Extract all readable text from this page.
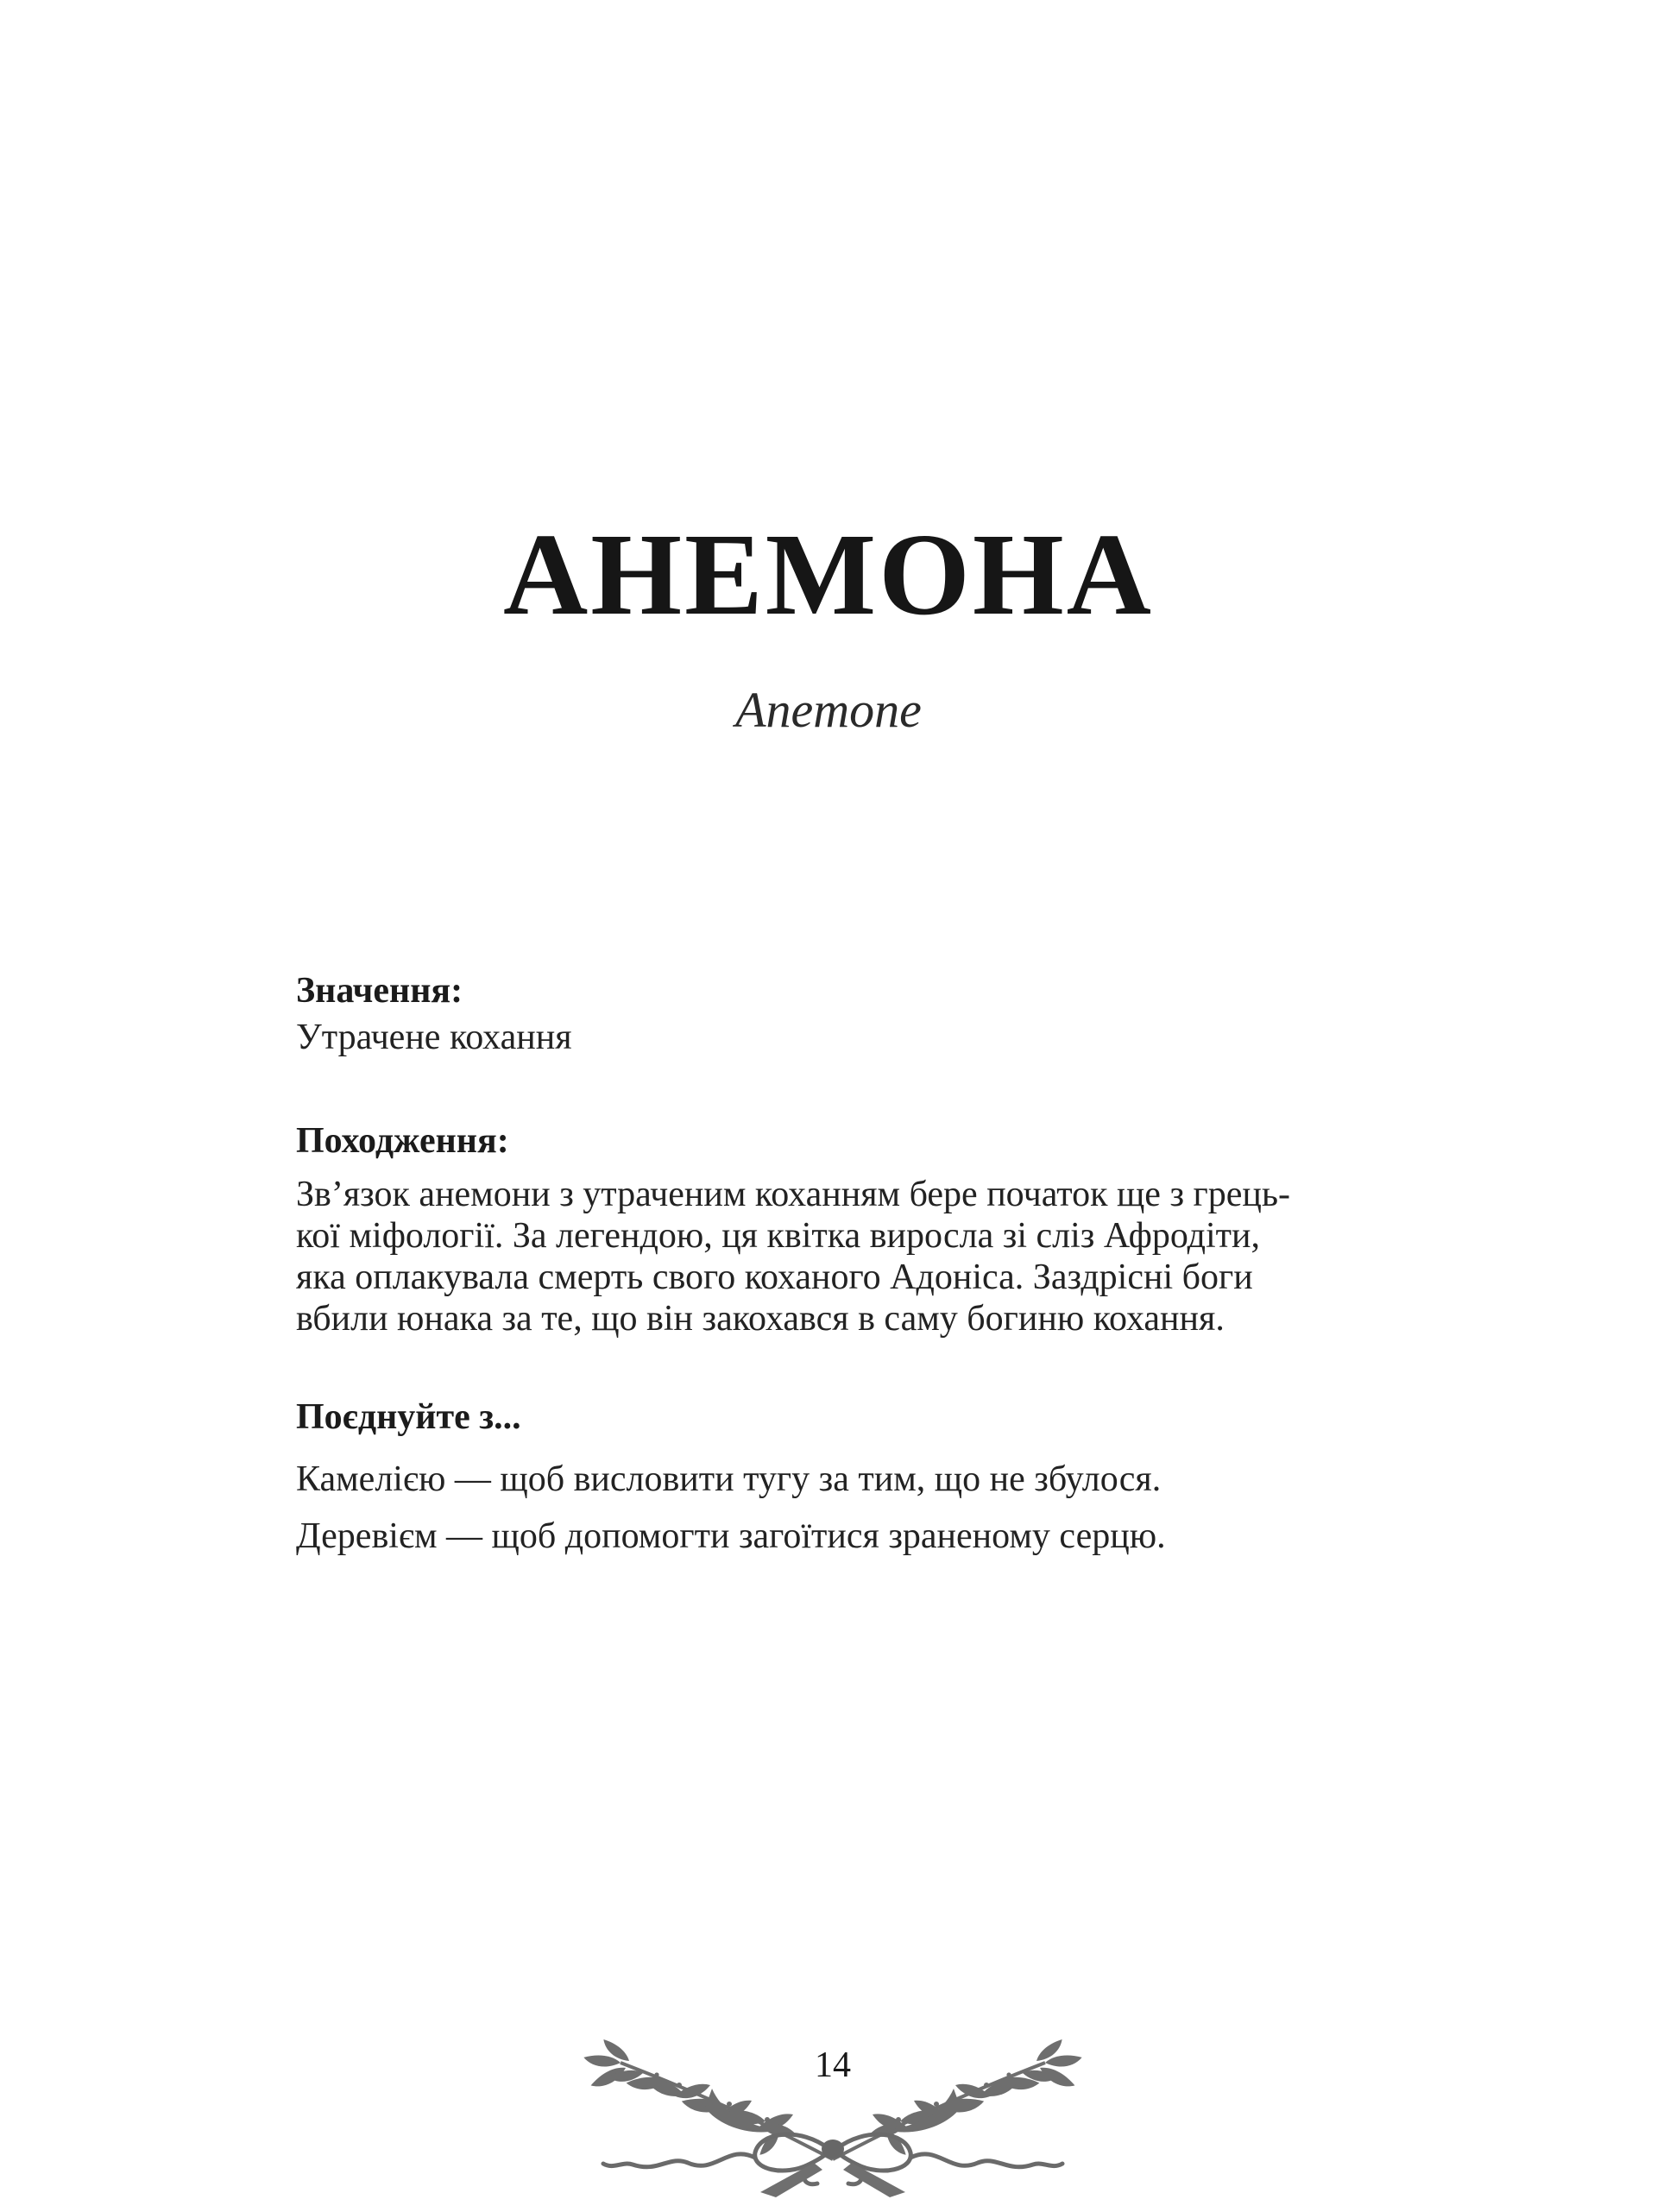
АНЕМОНА
Anemone
Значення:
Утрачене кохання
Походження:
Зв’язок анемони з утраченим коханням бере початок ще з грець-
кої міфології. За легендою, ця квітка виросла зі сліз Афродіти,
яка оплакувала смерть свого коханого Адоніса. Заздрісні боги
вбили юнака за те, що він закохався в саму богиню кохання.
Поєднуйте з...
Камелією — щоб висловити тугу за тим, що не збулося.
Деревієм — щоб допомогти загоїтися зраненому серцю.
14
